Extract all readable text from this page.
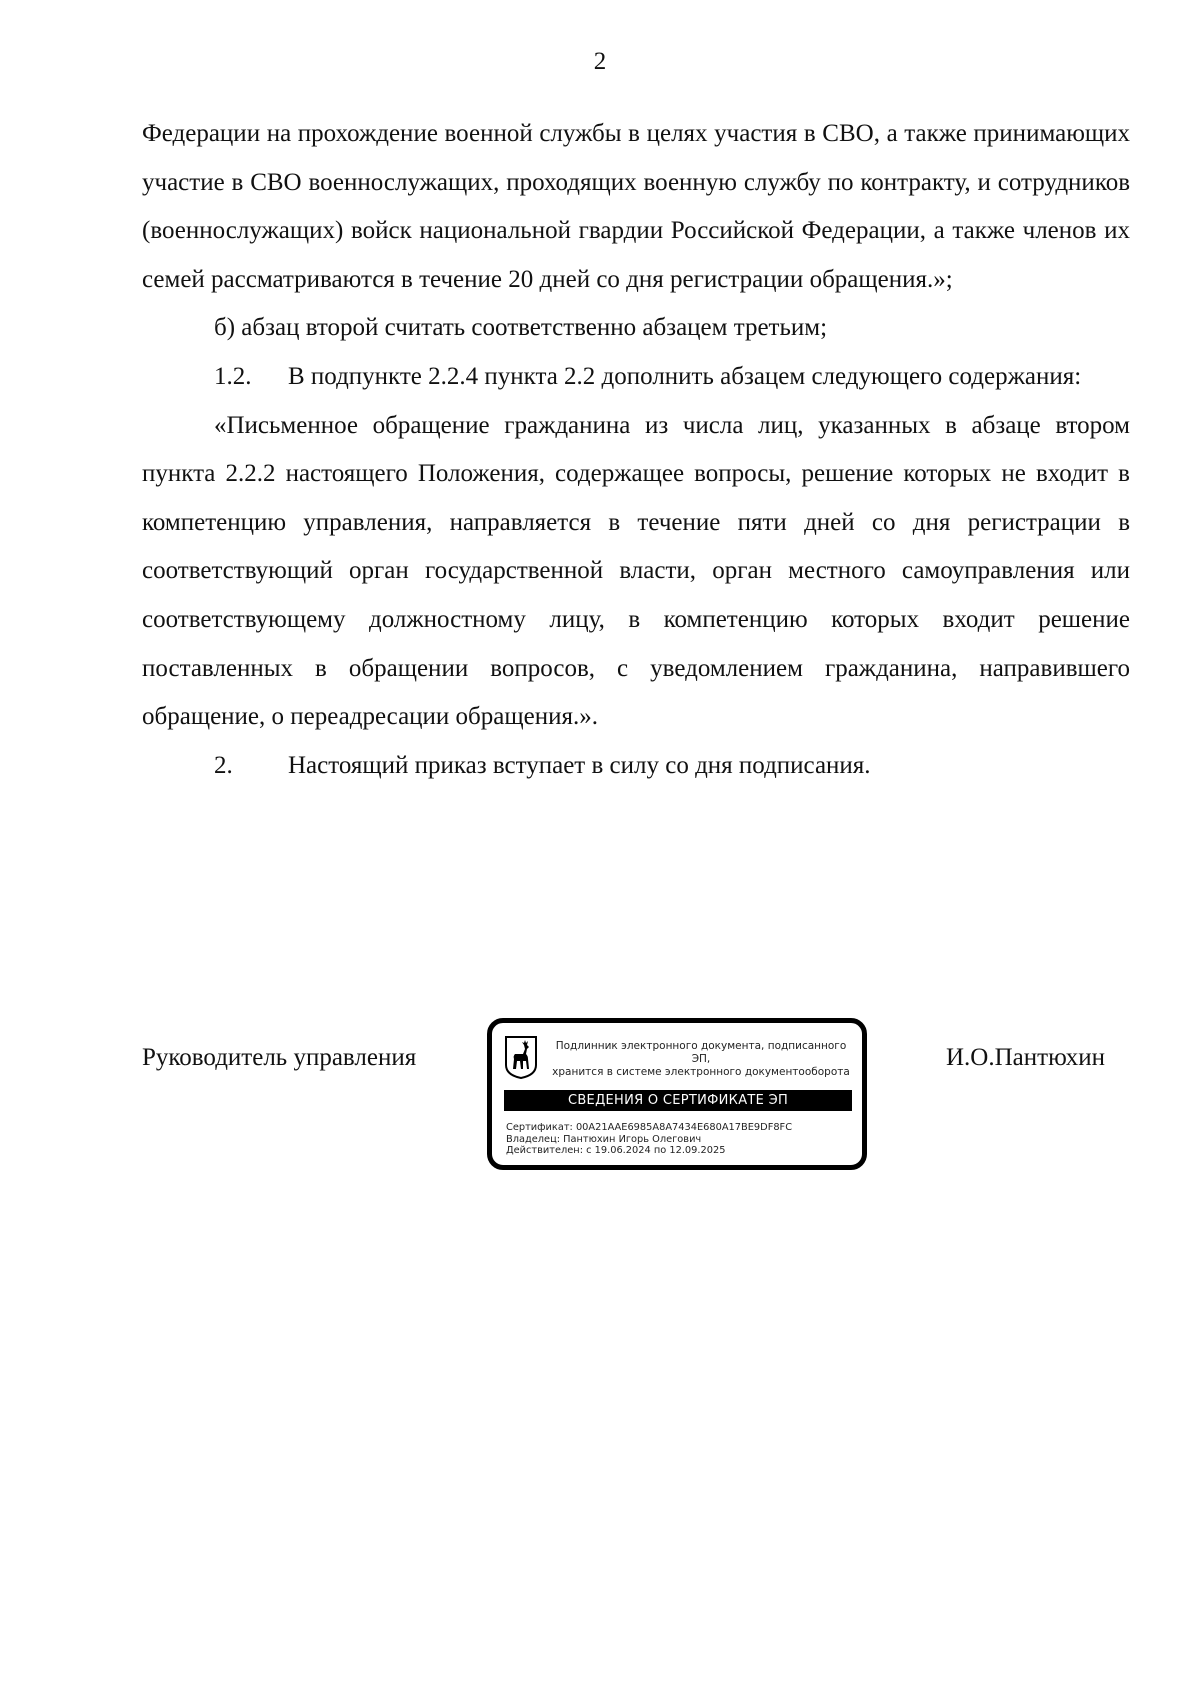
2

Федерации на прохождение военной службы в целях участия в СВО, а также принимающих участие в СВО военнослужащих, проходящих военную службу по контракту, и сотрудников (военнослужащих) войск национальной гвардии Российской Федерации, а также членов их семей рассматриваются в течение 20 дней со дня регистрации обращения.»;

б) абзац второй считать соответственно абзацем третьим;

1.2. В подпункте 2.2.4 пункта 2.2 дополнить абзацем следующего содержания:

«Письменное обращение гражданина из числа лиц, указанных в абзаце втором пункта 2.2.2 настоящего Положения, содержащее вопросы, решение которых не входит в компетенцию управления, направляется в течение пяти дней со дня регистрации в соответствующий орган государственной власти, орган местного самоуправления или соответствующему должностному лицу, в компетенцию которых входит решение поставленных в обращении вопросов, с уведомлением гражданина, направившего обращение, о переадресации обращения.».

2. Настоящий приказ вступает в силу со дня подписания.

Руководитель управления	Подлинник электронного документа, подписанного ЭП,
хранится в системе электронного документооборота
СВЕДЕНИЯ О СЕРТИФИКАТЕ ЭП
Сертификат: 00A21AAE6985A8A7434E680A17BE9DF8FC
Владелец: Пантюхин Игорь Олегович
Действителен: с 19.06.2024 по 12.09.2025
И.О.Пантюхин
